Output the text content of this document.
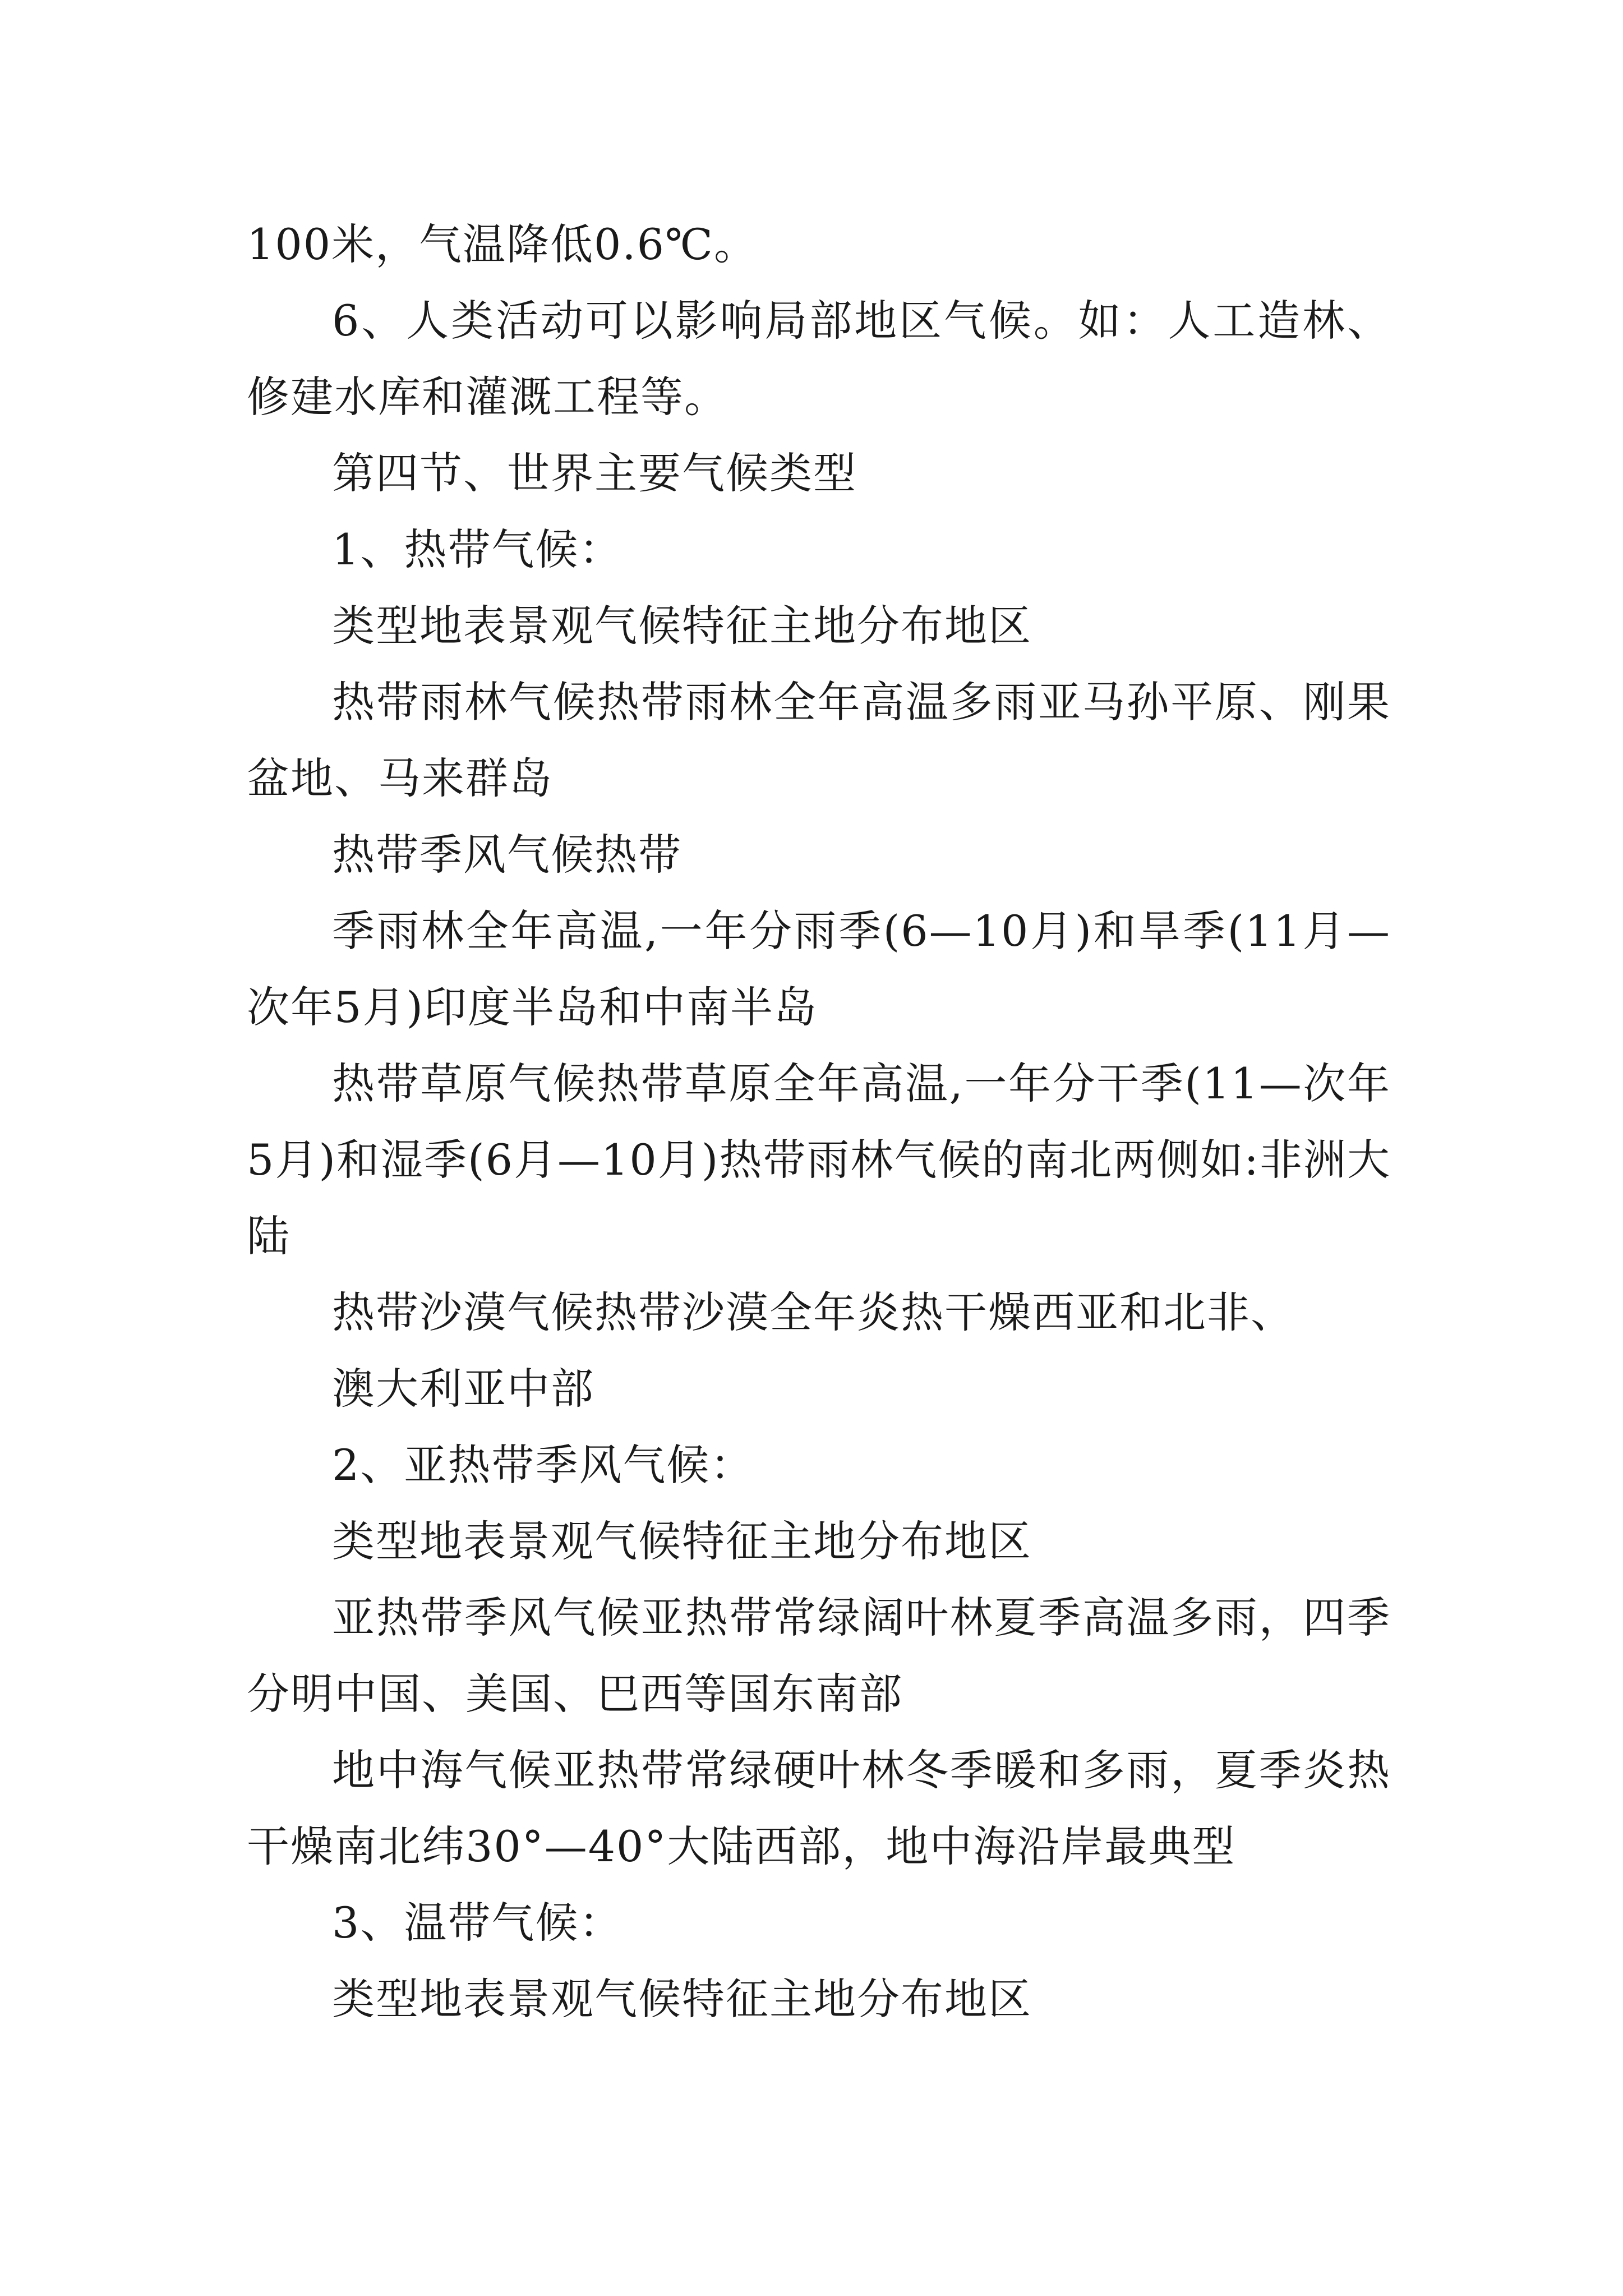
100米，气温降低0.6℃。

6、人类活动可以影响局部地区气候。如：人工造林、修建水库和灌溉工程等。

第四节、世界主要气候类型

1、热带气候：

类型地表景观气候特征主地分布地区

热带雨林气候热带雨林全年高温多雨亚马孙平原、刚果盆地、马来群岛

热带季风气候热带

季雨林全年高温,一年分雨季(6—10月)和旱季(11月—次年5月)印度半岛和中南半岛

热带草原气候热带草原全年高温,一年分干季(11—次年5月)和湿季(6月—10月)热带雨林气候的南北两侧如:非洲大陆

热带沙漠气候热带沙漠全年炎热干燥西亚和北非、

澳大利亚中部

2、亚热带季风气候：

类型地表景观气候特征主地分布地区

亚热带季风气候亚热带常绿阔叶林夏季高温多雨，四季分明中国、美国、巴西等国东南部

地中海气候亚热带常绿硬叶林冬季暖和多雨，夏季炎热干燥南北纬30°—40°大陆西部，地中海沿岸最典型

3、温带气候：

类型地表景观气候特征主地分布地区
